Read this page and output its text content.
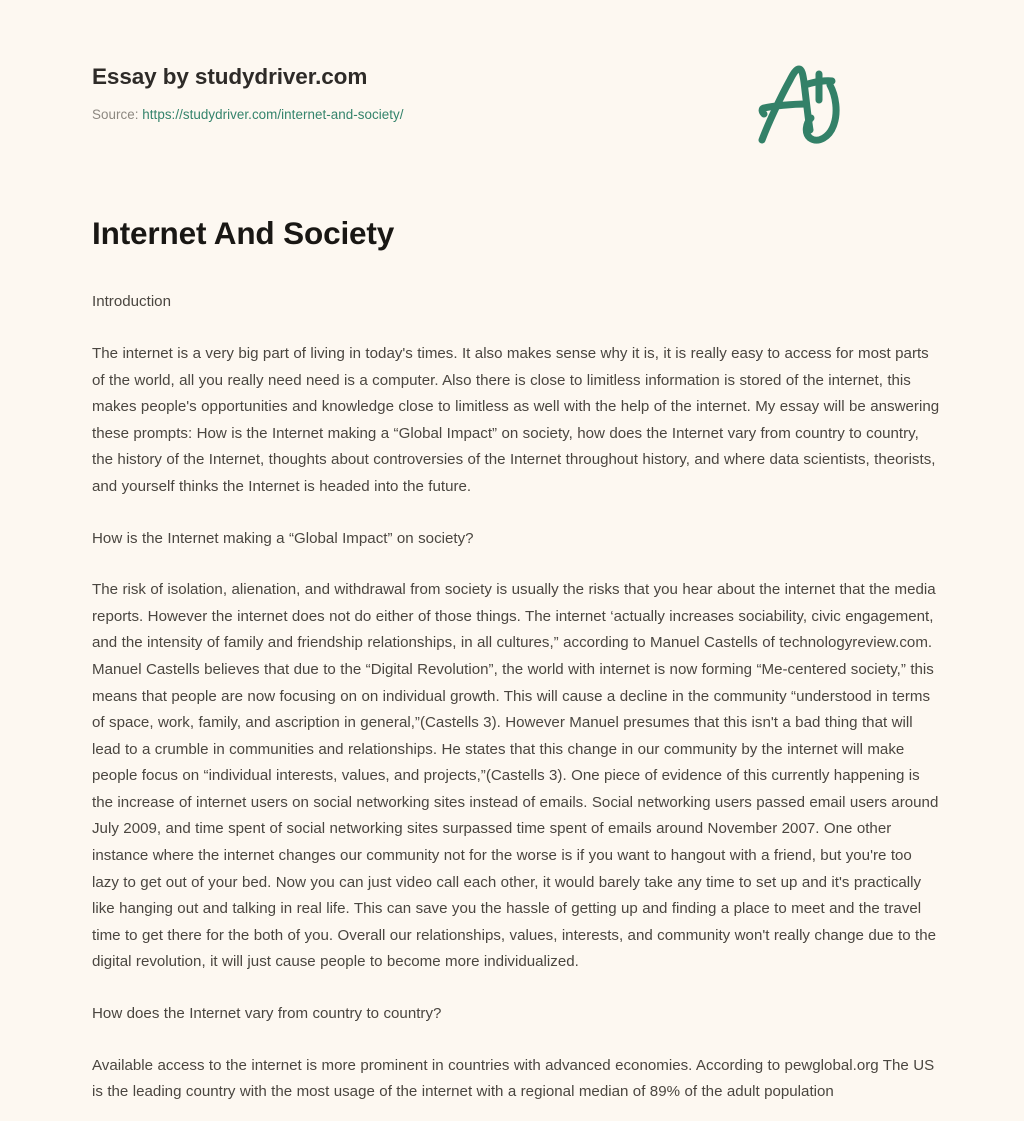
Essay by studydriver.com
Source: https://studydriver.com/internet-and-society/
Internet And Society

Introduction

The internet is a very big part of living in today's times. It also makes sense why it is, it is really easy to access for most parts of the world, all you really need need is a computer. Also there is close to limitless information is stored of the internet, this makes people's opportunities and knowledge close to limitless as well with the help of the internet. My essay will be answering these prompts: How is the Internet making a “Global Impact” on society, how does the Internet vary from country to country, the history of the Internet, thoughts about controversies of the Internet throughout history, and where data scientists, theorists, and yourself thinks the Internet is headed into the future.

How is the Internet making a “Global Impact” on society?

The risk of isolation, alienation, and withdrawal from society is usually the risks that you hear about the internet that the media reports. However the internet does not do either of those things. The internet ‘actually increases sociability, civic engagement, and the intensity of family and friendship relationships, in all cultures,” according to Manuel Castells of technologyreview.com. Manuel Castells believes that due to the “Digital Revolution”, the world with internet is now forming “Me-centered society,” this means that people are now focusing on on individual growth. This will cause a decline in the community “understood in terms of space, work, family, and ascription in general,”(Castells 3). However Manuel presumes that this isn't a bad thing that will lead to a crumble in communities and relationships. He states that this change in our community by the internet will make people focus on “individual interests, values, and projects,”(Castells 3). One piece of evidence of this currently happening is the increase of internet users on social networking sites instead of emails. Social networking users passed email users around July 2009, and time spent of social networking sites surpassed time spent of emails around November 2007. One other instance where the internet changes our community not for the worse is if you want to hangout with a friend, but you're too lazy to get out of your bed. Now you can just video call each other, it would barely take any time to set up and it's practically like hanging out and talking in real life. This can save you the hassle of getting up and finding a place to meet and the travel time to get there for the both of you. Overall our relationships, values, interests, and community won't really change due to the digital revolution, it will just cause people to become more individualized.

How does the Internet vary from country to country?

Available access to the internet is more prominent in countries with advanced economies. According to pewglobal.org The US is the leading country with the most usage of the internet with a regional median of 89% of the adult population
